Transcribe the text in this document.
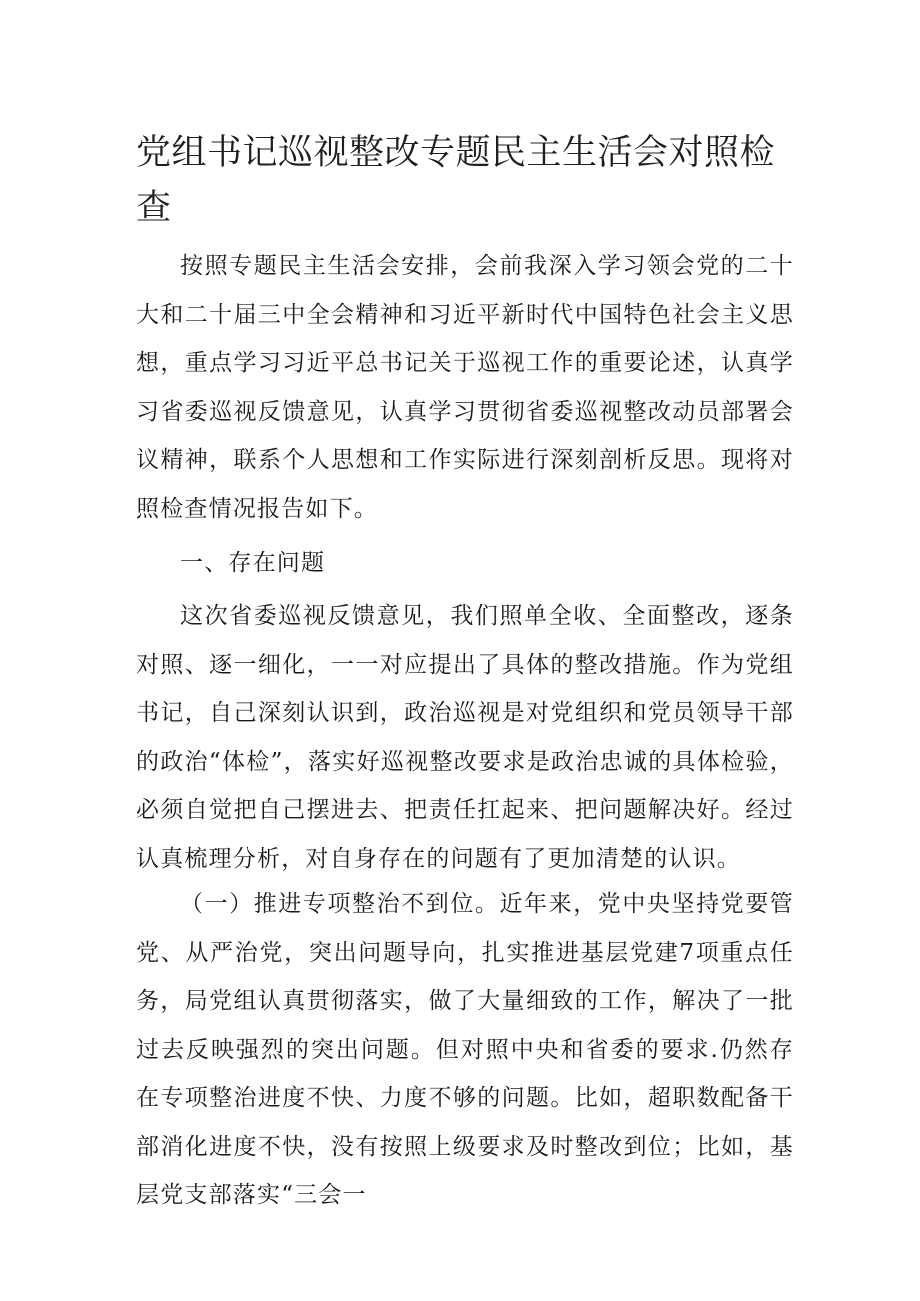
党组书记巡视整改专题民主生活会对照检查

按照专题民主生活会安排，会前我深入学习领会党的二十大和二十届三中全会精神和习近平新时代中国特色社会主义思想，重点学习习近平总书记关于巡视工作的重要论述，认真学习省委巡视反馈意见，认真学习贯彻省委巡视整改动员部署会议精神，联系个人思想和工作实际进行深刻剖析反思。现将对照检查情况报告如下。

一、存在问题

这次省委巡视反馈意见，我们照单全收、全面整改，逐条对照、逐一细化，一一对应提出了具体的整改措施。作为党组书记，自己深刻认识到，政治巡视是对党组织和党员领导干部的政治“体检”，落实好巡视整改要求是政治忠诚的具体检验，必须自觉把自己摆进去、把责任扛起来、把问题解决好。经过认真梳理分析，对自身存在的问题有了更加清楚的认识。

（一）推进专项整治不到位。近年来，党中央坚持党要管党、从严治党，突出问题导向，扎实推进基层党建7项重点任务，局党组认真贯彻落实，做了大量细致的工作，解决了一批过去反映强烈的突出问题。但对照中央和省委的要求.仍然存在专项整治进度不快、力度不够的问题。比如，超职数配备干部消化进度不快，没有按照上级要求及时整改到位；比如，基层党支部落实“三会一
